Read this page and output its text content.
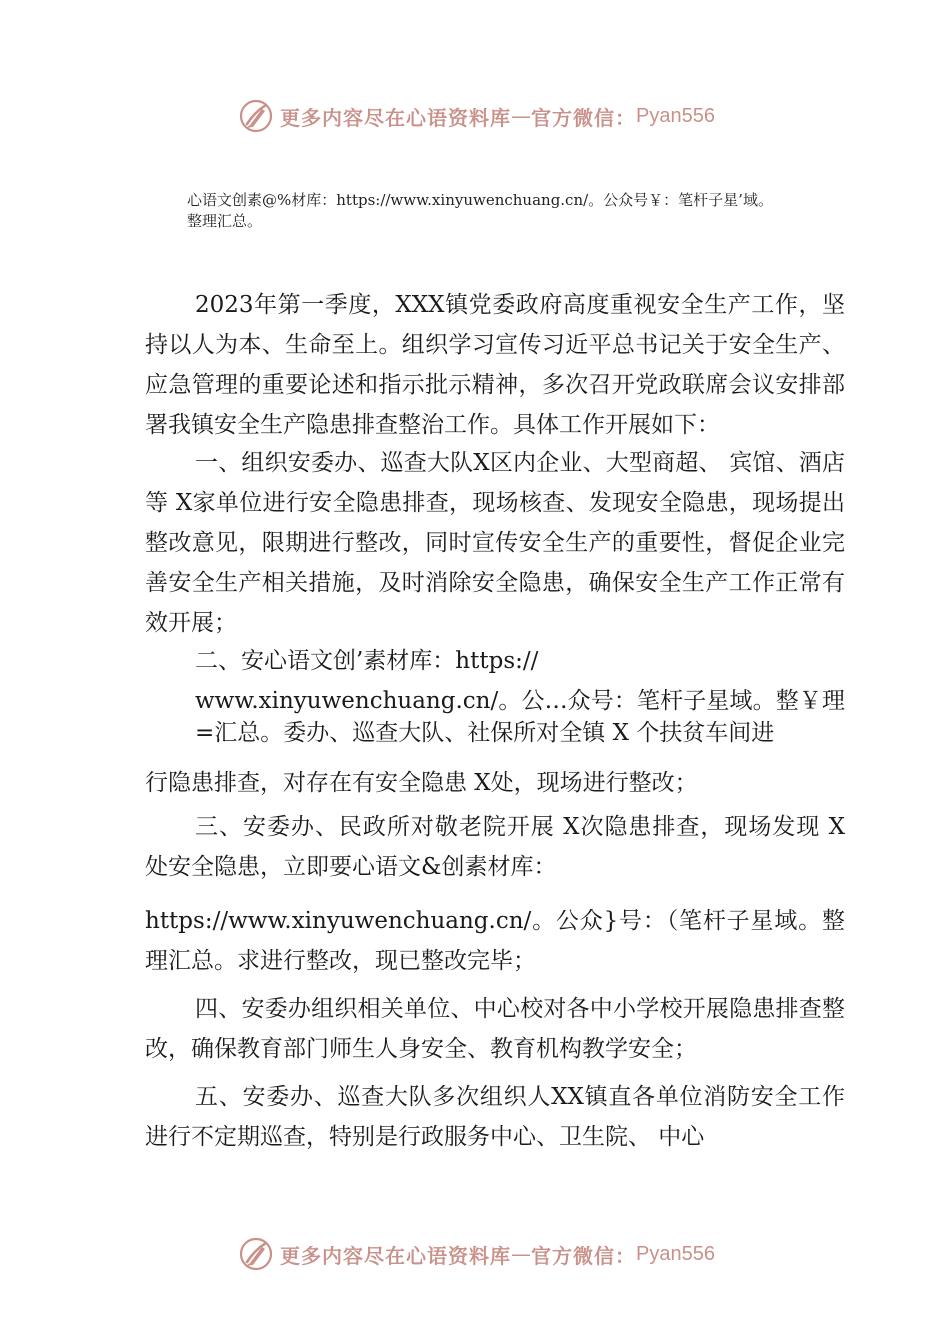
更多内容尽在心语资料库 — 官方微信： Pyan556
心语文创素@%材库：https://www.xinyuwenchuang.cn/。公众号￥：笔杆子星’域。
整理汇总。

2023年第一季度，XXX镇党委政府高度重视安全生产工作，坚持以人为本、生命至上。组织学习宣传习近平总书记关于安全生产、应急管理的重要论述和指示批示精神，多次召开党政联席会议安排部署我镇安全生产隐患排查整治工作。具体工作开展如下：

一、组织安委办、巡查大队X区内企业、大型商超、 宾馆、酒店等 X家单位进行安全隐患排查，现场核查、发现安全隐患，现场提出整改意见，限期进行整改，同时宣传安全生产的重要性，督促企业完善安全生产相关措施，及时消除安全隐患，确保安全生产工作正常有效开展；

二、安心语文创’素材库：https://

www.xinyuwenchuang.cn/。公…众号：笔杆子星域。整￥理=汇总。委办、巡查大队、社保所对全镇 X 个扶贫车间进

行隐患排查，对存在有安全隐患 X处，现场进行整改；

三、安委办、民政所对敬老院开展 X次隐患排查，现场发现 X 处安全隐患，立即要心语文&创素材库：

https://www.xinyuwenchuang.cn/。公众}号：（笔杆子星域。整理汇总。求进行整改，现已整改完毕；

四、安委办组织相关单位、中心校对各中小学校开展隐患排查整改，确保教育部门师生人身安全、教育机构教学安全；

五、安委办、巡查大队多次组织人XX镇直各单位消防安全工作进行不定期巡查，特别是行政服务中心、卫生院、 中心

更多内容尽在心语资料库 — 官方微信： Pyan556
